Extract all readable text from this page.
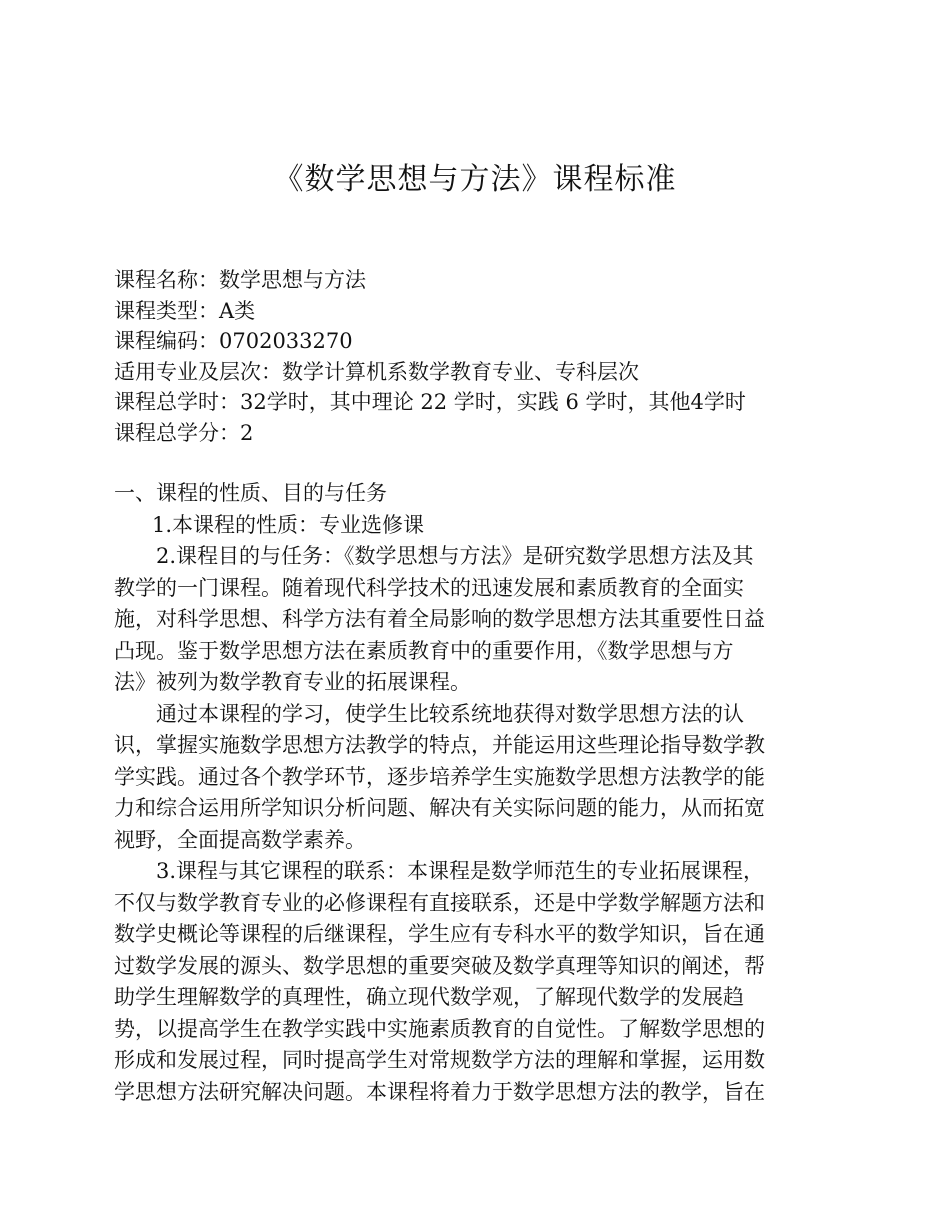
《数学思想与方法》课程标准
课程名称：数学思想与方法
课程类型：A类
课程编码：0702033270
适用专业及层次：数学计算机系数学教育专业、专科层次
课程总学时：32学时，其中理论 22 学时，实践 6 学时，其他4学时
课程总学分：2
一、课程的性质、目的与任务
1.本课程的性质：专业选修课
2.课程目的与任务：《数学思想与方法》是研究数学思想方法及其
教学的一门课程。随着现代科学技术的迅速发展和素质教育的全面实
施，对科学思想、科学方法有着全局影响的数学思想方法其重要性日益
凸现。鉴于数学思想方法在素质教育中的重要作用，《数学思想与方
法》被列为数学教育专业的拓展课程。
通过本课程的学习，使学生比较系统地获得对数学思想方法的认
识，掌握实施数学思想方法教学的特点，并能运用这些理论指导数学教
学实践。通过各个教学环节，逐步培养学生实施数学思想方法教学的能
力和综合运用所学知识分析问题、解决有关实际问题的能力，从而拓宽
视野，全面提高数学素养。
3.课程与其它课程的联系：本课程是数学师范生的专业拓展课程，
不仅与数学教育专业的必修课程有直接联系，还是中学数学解题方法和
数学史概论等课程的后继课程，学生应有专科水平的数学知识，旨在通
过数学发展的源头、数学思想的重要突破及数学真理等知识的阐述，帮
助学生理解数学的真理性，确立现代数学观，了解现代数学的发展趋
势，以提高学生在教学实践中实施素质教育的自觉性。了解数学思想的
形成和发展过程，同时提高学生对常规数学方法的理解和掌握，运用数
学思想方法研究解决问题。本课程将着力于数学思想方法的教学，旨在
